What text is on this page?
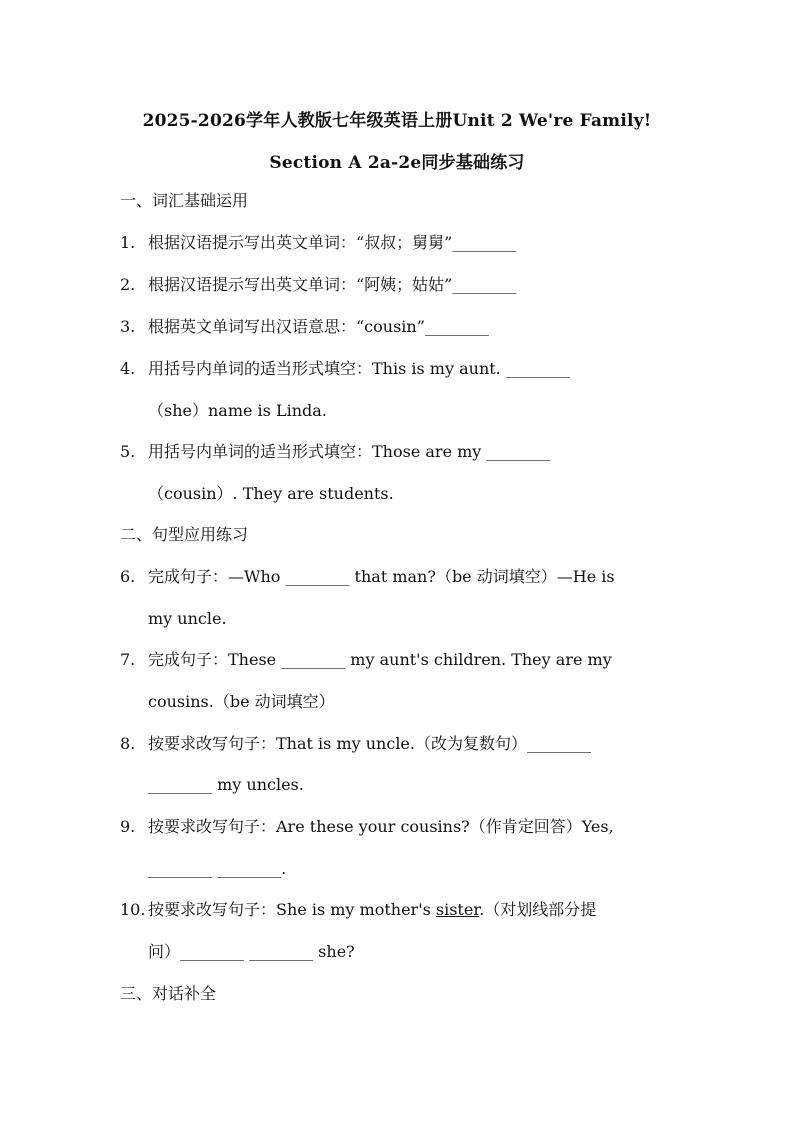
2025-2026学年人教版七年级英语上册Unit 2 We're Family!
Section A 2a-2e同步基础练习
一、词汇基础运用
1. 根据汉语提示写出英文单词：“叔叔；舅舅”________
2. 根据汉语提示写出英文单词：“阿姨；姑姑”________
3. 根据英文单词写出汉语意思：“cousin”________
4. 用括号内单词的适当形式填空：This is my aunt. ________
（she）name is Linda.
5. 用括号内单词的适当形式填空：Those are my ________
（cousin）. They are students.
二、句型应用练习
6. 完成句子：—Who ________ that man?（be 动词填空）—He is
my uncle.
7. 完成句子：These ________ my aunt's children. They are my
cousins.（be 动词填空）
8. 按要求改写句子：That is my uncle.（改为复数句）________
________ my uncles.
9. 按要求改写句子：Are these your cousins?（作肯定回答）Yes,
________ ________.
10. 按要求改写句子：She is my mother's sister.（对划线部分提
问）________ ________ she?
三、对话补全
